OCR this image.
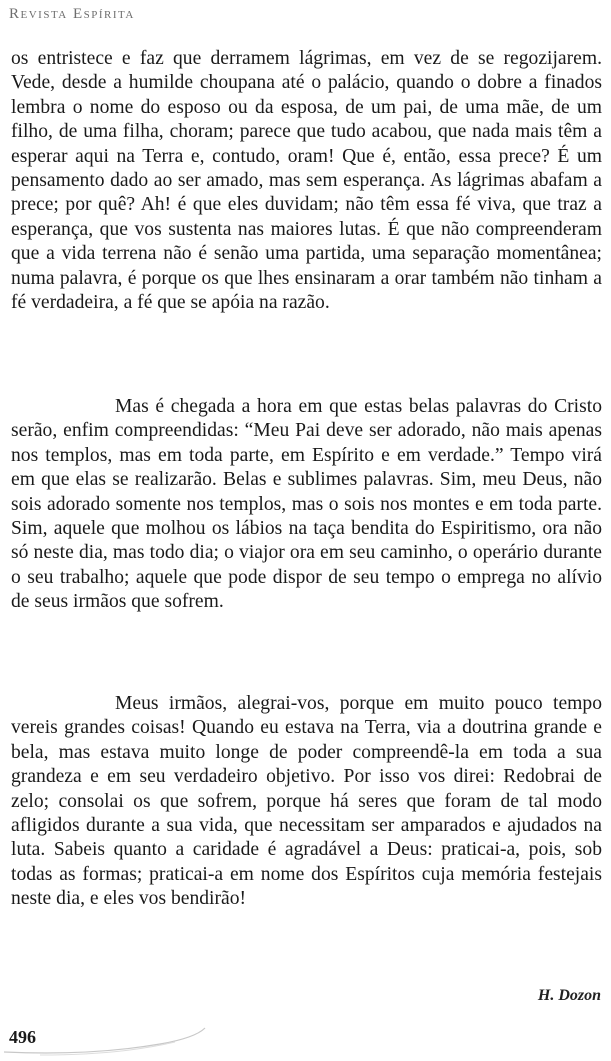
Revista Espírita

os entristece e faz que derramem lágrimas, em vez de se regozijarem. Vede, desde a humilde choupana até o palácio, quando o dobre a finados lembra o nome do esposo ou da esposa, de um pai, de uma mãe, de um filho, de uma filha, choram; parece que tudo acabou, que nada mais têm a esperar aqui na Terra e, contudo, oram! Que é, então, essa prece? É um pensamento dado ao ser amado, mas sem esperança. As lágrimas abafam a prece; por quê? Ah! é que eles duvidam; não têm essa fé viva, que traz a esperança, que vos sustenta nas maiores lutas. É que não compreenderam que a vida terrena não é senão uma partida, uma separação momentânea; numa palavra, é porque os que lhes ensinaram a orar também não tinham a fé verdadeira, a fé que se apóia na razão.

Mas é chegada a hora em que estas belas palavras do Cristo serão, enfim compreendidas: “Meu Pai deve ser adorado, não mais apenas nos templos, mas em toda parte, em Espírito e em verdade.” Tempo virá em que elas se realizarão. Belas e sublimes palavras. Sim, meu Deus, não sois adorado somente nos templos, mas o sois nos montes e em toda parte. Sim, aquele que molhou os lábios na taça bendita do Espiritismo, ora não só neste dia, mas todo dia; o viajor ora em seu caminho, o operário durante o seu trabalho; aquele que pode dispor de seu tempo o emprega no alívio de seus irmãos que sofrem.

Meus irmãos, alegrai-vos, porque em muito pouco tempo vereis grandes coisas! Quando eu estava na Terra, via a doutrina grande e bela, mas estava muito longe de poder compreendê-la em toda a sua grandeza e em seu verdadeiro objetivo. Por isso vos direi: Redobrai de zelo; consolai os que sofrem, porque há seres que foram de tal modo afligidos durante a sua vida, que necessitam ser amparados e ajudados na luta. Sabeis quanto a caridade é agradável a Deus: praticai-a, pois, sob todas as formas; praticai-a em nome dos Espíritos cuja memória festejais neste dia, e eles vos bendirão!

H. Dozon
496
